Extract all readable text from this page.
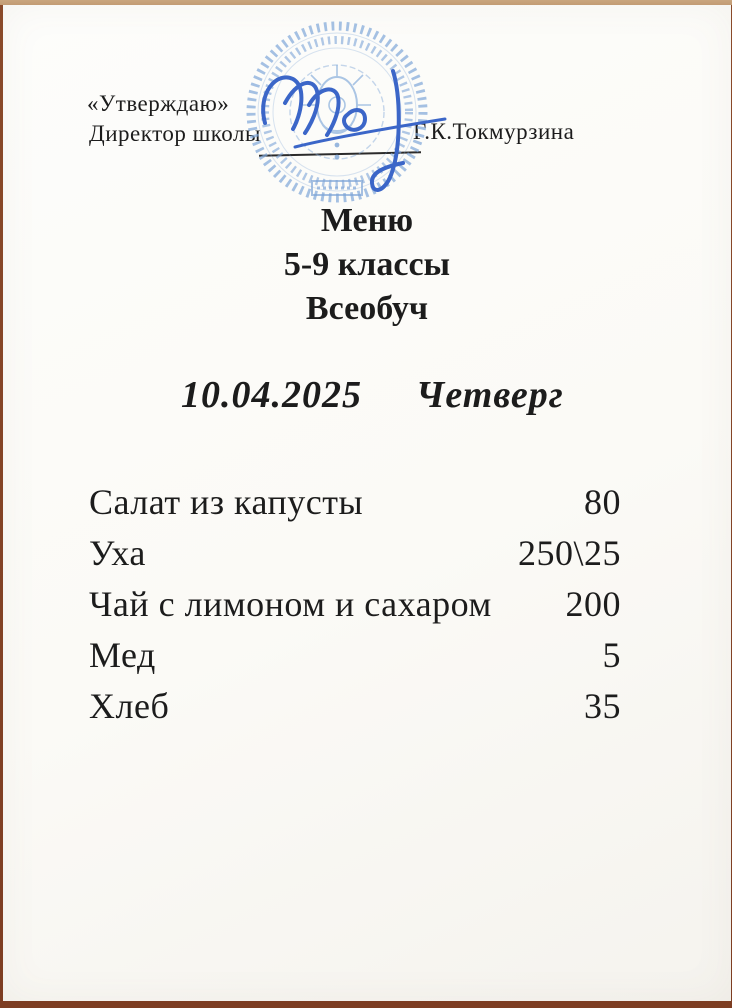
«Утверждаю»
Директор школы	Г.К.Токмурзина
Меню
5-9 классы
Всеобуч
10.04.2025 Четверг
Салат из капусты	80
Уха	250\25
Чай с лимоном и сахаром 200
Мед	5
Хлеб	35
